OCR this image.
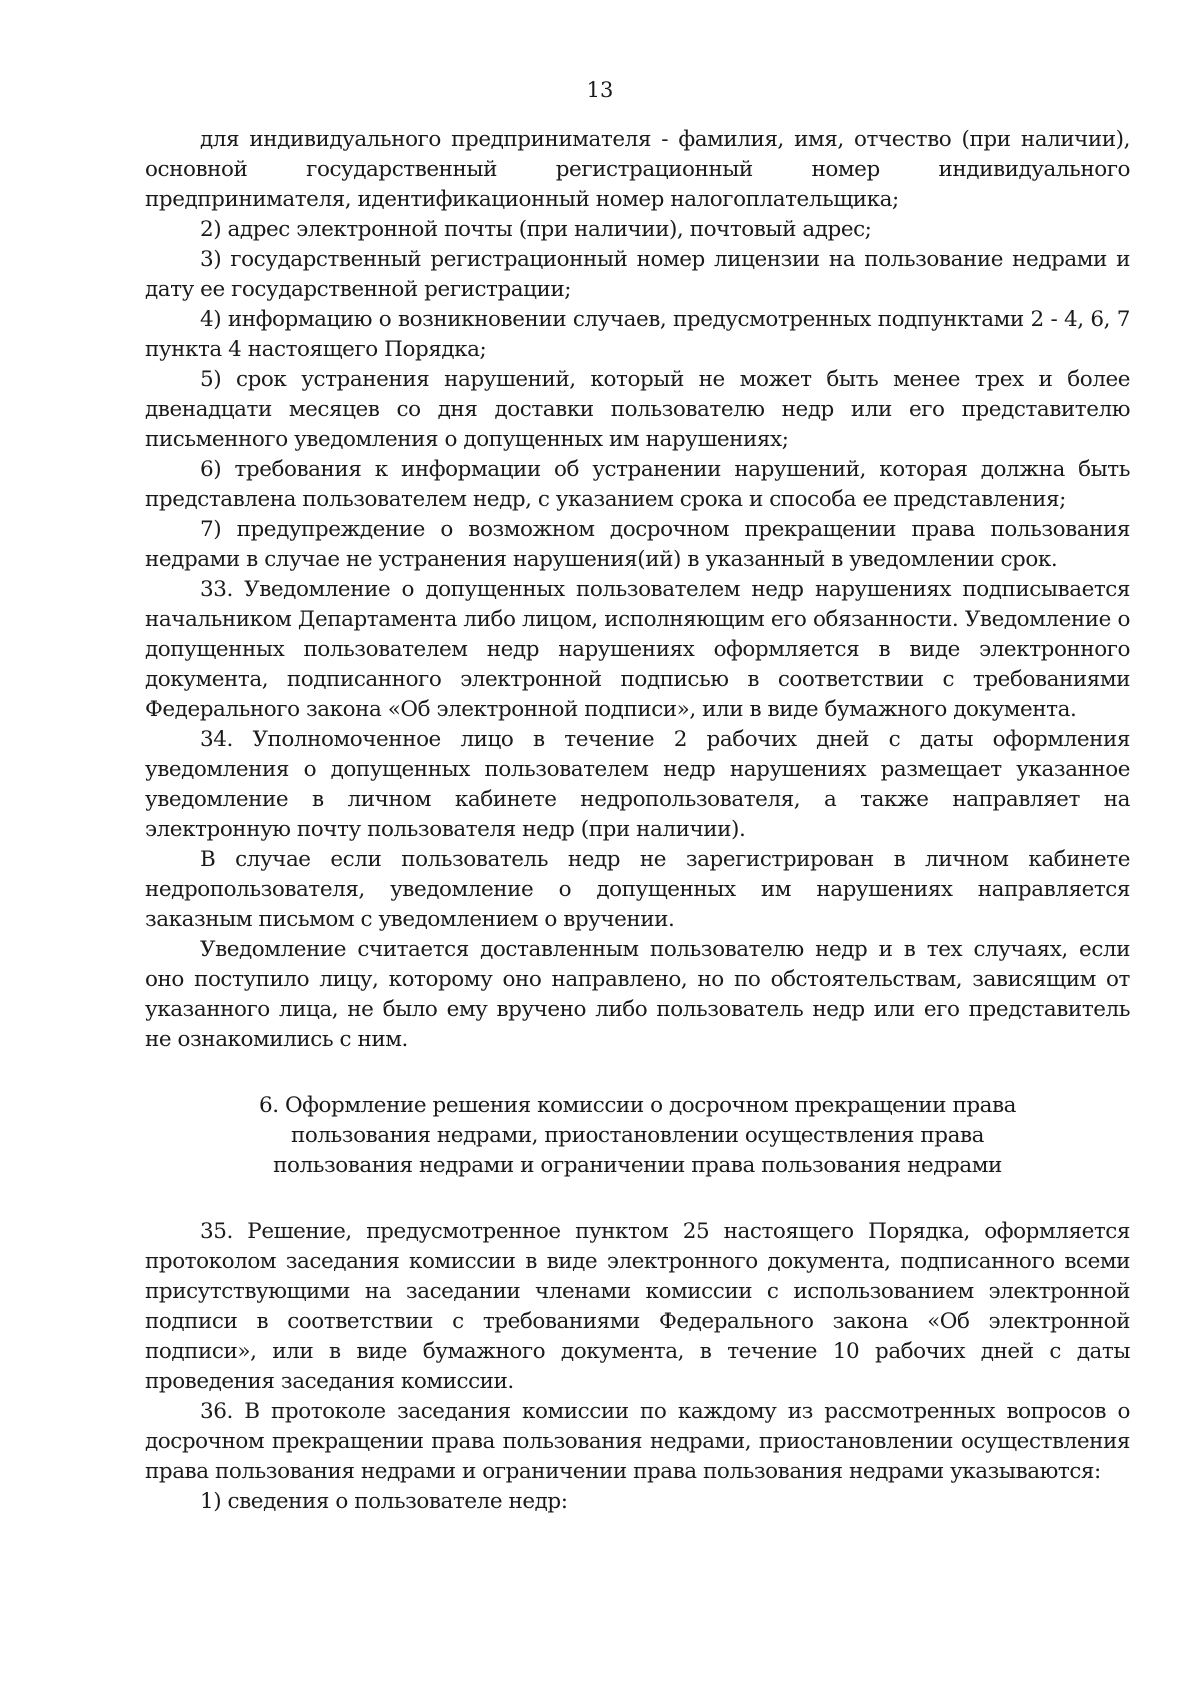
13

для индивидуального предпринимателя - фамилия, имя, отчество (при наличии), основной государственный регистрационный номер индивидуального предпринимателя, идентификационный номер налогоплательщика;

2) адрес электронной почты (при наличии), почтовый адрес;

3) государственный регистрационный номер лицензии на пользование недрами и дату ее государственной регистрации;

4) информацию о возникновении случаев, предусмотренных подпунктами 2 - 4, 6, 7 пункта 4 настоящего Порядка;

5) срок устранения нарушений, который не может быть менее трех и более двенадцати месяцев со дня доставки пользователю недр или его представителю письменного уведомления о допущенных им нарушениях;

6) требования к информации об устранении нарушений, которая должна быть представлена пользователем недр, с указанием срока и способа ее представления;

7) предупреждение о возможном досрочном прекращении права пользования недрами в случае не устранения нарушения(ий) в указанный в уведомлении срок.

33. Уведомление о допущенных пользователем недр нарушениях подписывается начальником Департамента либо лицом, исполняющим его обязанности. Уведомление о допущенных пользователем недр нарушениях оформляется в виде электронного документа, подписанного электронной подписью в соответствии с требованиями Федерального закона «Об электронной подписи», или в виде бумажного документа.

34. Уполномоченное лицо в течение 2 рабочих дней с даты оформления уведомления о допущенных пользователем недр нарушениях размещает указанное уведомление в личном кабинете недропользователя, а также направляет на электронную почту пользователя недр (при наличии).

В случае если пользователь недр не зарегистрирован в личном кабинете недропользователя, уведомление о допущенных им нарушениях направляется заказным письмом с уведомлением о вручении.

Уведомление считается доставленным пользователю недр и в тех случаях, если оно поступило лицу, которому оно направлено, но по обстоятельствам, зависящим от указанного лица, не было ему вручено либо пользователь недр или его представитель не ознакомились с ним.

6. Оформление решения комиссии о досрочном прекращении права
пользования недрами, приостановлении осуществления права
пользования недрами и ограничении права пользования недрами

35. Решение, предусмотренное пунктом 25 настоящего Порядка, оформляется протоколом заседания комиссии в виде электронного документа, подписанного всеми присутствующими на заседании членами комиссии с использованием электронной подписи в соответствии с требованиями Федерального закона «Об электронной подписи», или в виде бумажного документа, в течение 10 рабочих дней с даты проведения заседания комиссии.

36. В протоколе заседания комиссии по каждому из рассмотренных вопросов о досрочном прекращении права пользования недрами, приостановлении осуществления права пользования недрами и ограничении права пользования недрами указываются:

1) сведения о пользователе недр:
